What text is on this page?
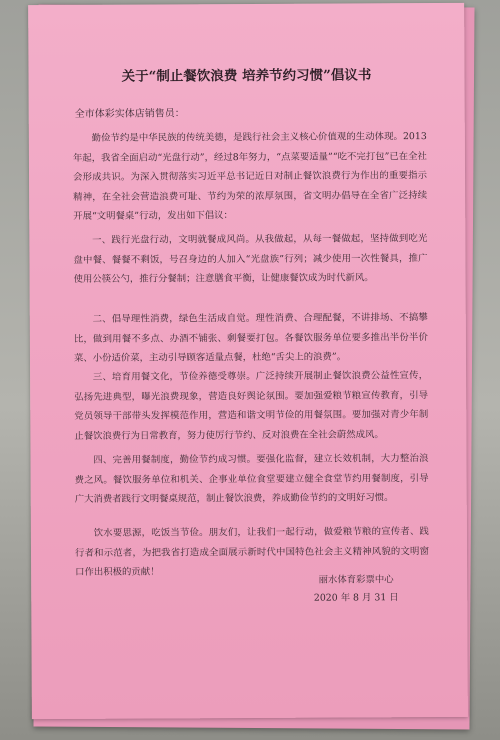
关于“制止餐饮浪费 培养节约习惯”倡议书
全市体彩实体店销售员：

勤俭节约是中华民族的传统美德，是践行社会主义核心价值观的生动体现。2013年起，我省全面启动“光盘行动”，经过8年努力，“点菜要适量”“吃不完打包”已在全社会形成共识。为深入贯彻落实习近平总书记近日对制止餐饮浪费行为作出的重要指示精神，在全社会营造浪费可耻、节约为荣的浓厚氛围，省文明办倡导在全省广泛持续开展“文明餐桌”行动，发出如下倡议：

一、践行光盘行动，文明就餐成风尚。从我做起，从每一餐做起，坚持做到吃光盘中餐、餐餐不剩饭，号召身边的人加入“光盘族”行列；减少使用一次性餐具，推广使用公筷公勺，推行分餐制；注意膳食平衡，让健康餐饮成为时代新风。

二、倡导理性消费，绿色生活成自觉。理性消费、合理配餐，不讲排场、不搞攀比，做到用餐不多点、办酒不铺张、剩餐要打包。各餐饮服务单位要多推出半份半价菜、小份适价菜，主动引导顾客适量点餐，杜绝“舌尖上的浪费”。

三、培育用餐文化，节俭养德受尊崇。广泛持续开展制止餐饮浪费公益性宣传，弘扬先进典型，曝光浪费现象，营造良好舆论氛围。要加强爱粮节粮宣传教育，引导党员领导干部带头发挥模范作用，营造和谐文明节俭的用餐氛围。要加强对青少年制止餐饮浪费行为日常教育，努力使厉行节约、反对浪费在全社会蔚然成风。

四、完善用餐制度，勤俭节约成习惯。要强化监督，建立长效机制，大力整治浪费之风。餐饮服务单位和机关、企事业单位食堂要建立健全食堂节约用餐制度，引导广大消费者践行文明餐桌规范，制止餐饮浪费，养成勤俭节约的文明好习惯。

饮水要思源，吃饭当节俭。朋友们，让我们一起行动，做爱粮节粮的宣传者、践行者和示范者，为把我省打造成全面展示新时代中国特色社会主义精神风貌的文明窗口作出积极的贡献！

丽水体育彩票中心
2020 年 8 月 31 日
